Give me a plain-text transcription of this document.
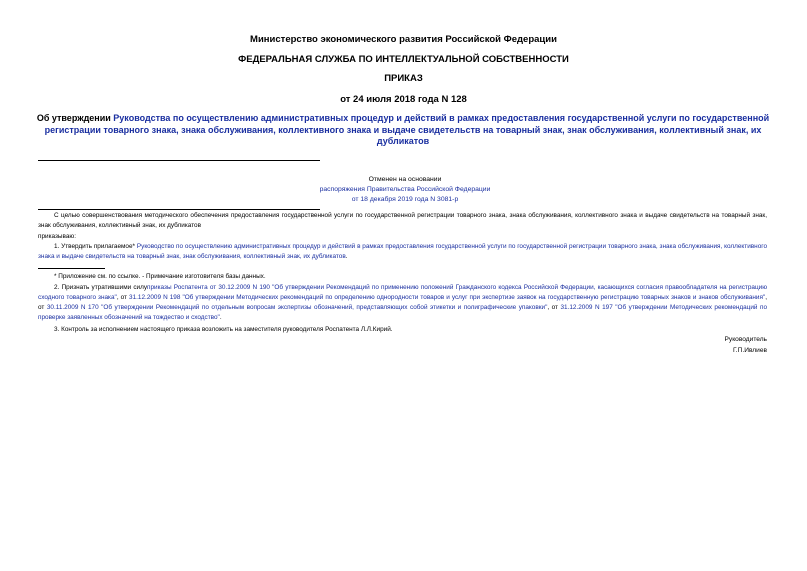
Министерство экономического развития Российской Федерации
ФЕДЕРАЛЬНАЯ СЛУЖБА ПО ИНТЕЛЛЕКТУАЛЬНОЙ СОБСТВЕННОСТИ
ПРИКАЗ
от 24 июля 2018 года N 128
Об утверждении Руководства по осуществлению административных процедур и действий в рамках предоставления государственной услуги по государственной регистрации товарного знака, знака обслуживания, коллективного знака и выдаче свидетельств на товарный знак, знак обслуживания, коллективный знак, их дубликатов
Отменен на основании
распоряжения Правительства Российской Федерации
от 18 декабря 2019 года N 3081-р
С целью совершенствования методического обеспечения предоставления государственной услуги по государственной регистрации товарного знака, знака обслуживания, коллективного знака и выдаче свидетельств на товарный знак, знак обслуживания, коллективный знак, их дубликатов
приказываю:
1. Утвердить прилагаемое* Руководство по осуществлению административных процедур и действий в рамках предоставления государственной услуги по государственной регистрации товарного знака, знака обслуживания, коллективного знака и выдаче свидетельств на товарный знак, знак обслуживания, коллективный знак, их дубликатов.
* Приложение см. по ссылке. - Примечание изготовителя базы данных.
2. Признать утратившими силуприказы Роспатента от 30.12.2009 N 190 "Об утверждении Рекомендаций по применению положений Гражданского кодекса Российской Федерации, касающихся согласия правообладателя на регистрацию сходного товарного знака", от 31.12.2009 N 198 "Об утверждении Методических рекомендаций по определению однородности товаров и услуг при экспертизе заявок на государственную регистрацию товарных знаков и знаков обслуживания", от 30.11.2009 N 170 "Об утверждении Рекомендаций по отдельным вопросам экспертизы обозначений, представляющих собой этикетки и полиграфические упаковки", от 31.12.2009 N 197 "Об утверждении Методических рекомендаций по проверке заявленных обозначений на тождество и сходство".
3. Контроль за исполнением настоящего приказа возложить на заместителя руководителя Роспатента Л.Л.Кирий.
Руководитель
Г.П.Ивлиев
